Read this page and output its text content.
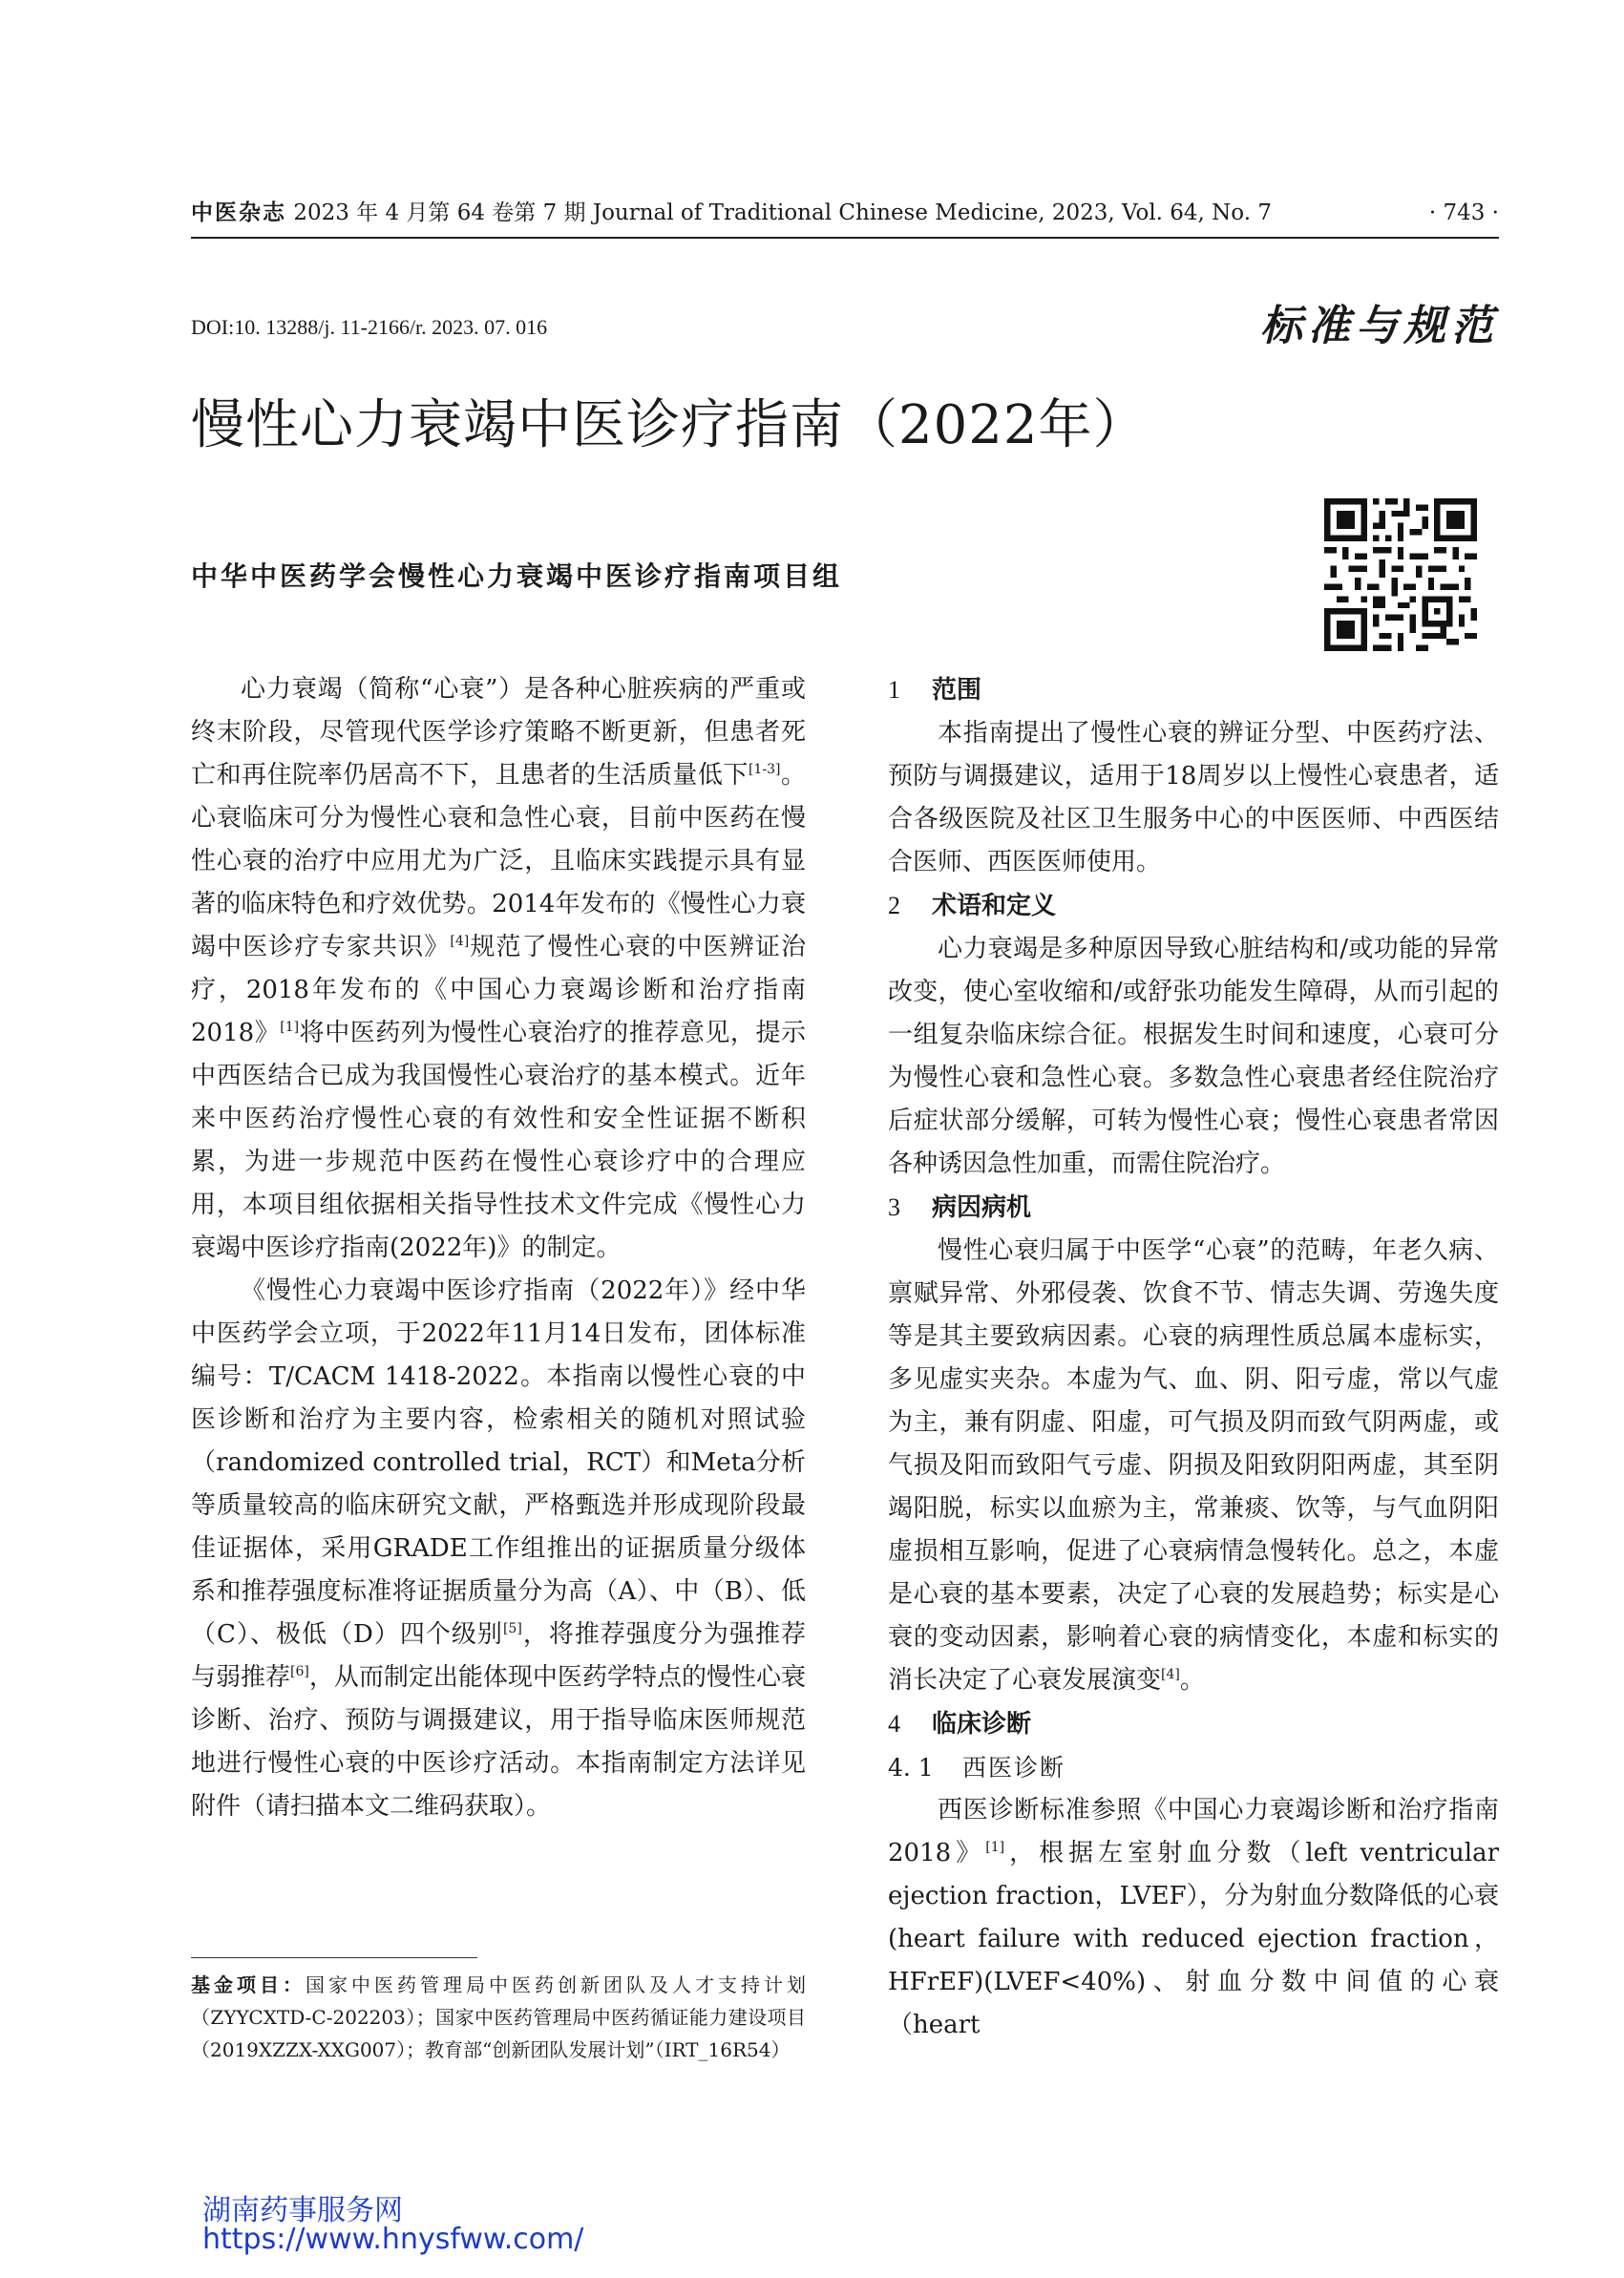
中医杂志 2023 年 4 月第 64 卷第 7 期 Journal of Traditional Chinese Medicine, 2023, Vol. 64, No. 7	· 743 ·
DOI:10. 13288/j. 11-2166/r. 2023. 07. 016	标准与规范
慢性心力衰竭中医诊疗指南（2022年）
中华中医药学会慢性心力衰竭中医诊疗指南项目组

心力衰竭（简称“心衰”）是各种心脏疾病的严重或终末阶段，尽管现代医学诊疗策略不断更新，但患者死亡和再住院率仍居高不下，且患者的生活质量低下[1-3]。心衰临床可分为慢性心衰和急性心衰，目前中医药在慢性心衰的治疗中应用尤为广泛，且临床实践提示具有显著的临床特色和疗效优势。2014年发布的《慢性心力衰竭中医诊疗专家共识》[4]规范了慢性心衰的中医辨证治疗，2018年发布的《中国心力衰竭诊断和治疗指南 2018》[1]将中医药列为慢性心衰治疗的推荐意见，提示中西医结合已成为我国慢性心衰治疗的基本模式。近年来中医药治疗慢性心衰的有效性和安全性证据不断积累，为进一步规范中医药在慢性心衰诊疗中的合理应用，本项目组依据相关指导性技术文件完成《慢性心力衰竭中医诊疗指南(2022年)》的制定。

《慢性心力衰竭中医诊疗指南（2022年）》经中华中医药学会立项，于2022年11月14日发布，团体标准编号：T/CACM 1418-2022。本指南以慢性心衰的中医诊断和治疗为主要内容，检索相关的随机对照试验（randomized controlled trial，RCT）和Meta分析等质量较高的临床研究文献，严格甄选并形成现阶段最佳证据体，采用GRADE工作组推出的证据质量分级体系和推荐强度标准将证据质量分为高（A）、中（B）、低（C）、极低（D）四个级别[5]，将推荐强度分为强推荐与弱推荐[6]，从而制定出能体现中医药学特点的慢性心衰诊断、治疗、预防与调摄建议，用于指导临床医师规范地进行慢性心衰的中医诊疗活动。本指南制定方法详见附件（请扫描本文二维码获取）。

基金项目：国家中医药管理局中医药创新团队及人才支持计划（ZYYCXTD-C-202203）；国家中医药管理局中医药循证能力建设项目（2019XZZX-XXG007）；教育部“创新团队发展计划”（IRT_16R54）
1 范围

本指南提出了慢性心衰的辨证分型、中医药疗法、预防与调摄建议，适用于18周岁以上慢性心衰患者，适合各级医院及社区卫生服务中心的中医医师、中西医结合医师、西医医师使用。

2 术语和定义

心力衰竭是多种原因导致心脏结构和/或功能的异常改变，使心室收缩和/或舒张功能发生障碍，从而引起的一组复杂临床综合征。根据发生时间和速度，心衰可分为慢性心衰和急性心衰。多数急性心衰患者经住院治疗后症状部分缓解，可转为慢性心衰；慢性心衰患者常因各种诱因急性加重，而需住院治疗。

3 病因病机

慢性心衰归属于中医学“心衰”的范畴，年老久病、禀赋异常、外邪侵袭、饮食不节、情志失调、劳逸失度等是其主要致病因素。心衰的病理性质总属本虚标实，多见虚实夹杂。本虚为气、血、阴、阳亏虚，常以气虚为主，兼有阴虚、阳虚，可气损及阴而致气阴两虚，或气损及阳而致阳气亏虚、阴损及阳致阴阳两虚，其至阴竭阳脱，标实以血瘀为主，常兼痰、饮等，与气血阴阳虚损相互影响，促进了心衰病情急慢转化。总之，本虚是心衰的基本要素，决定了心衰的发展趋势；标实是心衰的变动因素，影响着心衰的病情变化，本虚和标实的消长决定了心衰发展演变[4]。

4 临床诊断
4. 1 西医诊断

西医诊断标准参照《中国心力衰竭诊断和治疗指南 2018》[1]，根据左室射血分数（left ventricular ejection fraction，LVEF），分为射血分数降低的心衰(heart failure with reduced ejection fraction，HFrEF)(LVEF<40%)、射血分数中间值的心衰（heart

湖南药事服务网
https://www.hnysfww.com/
